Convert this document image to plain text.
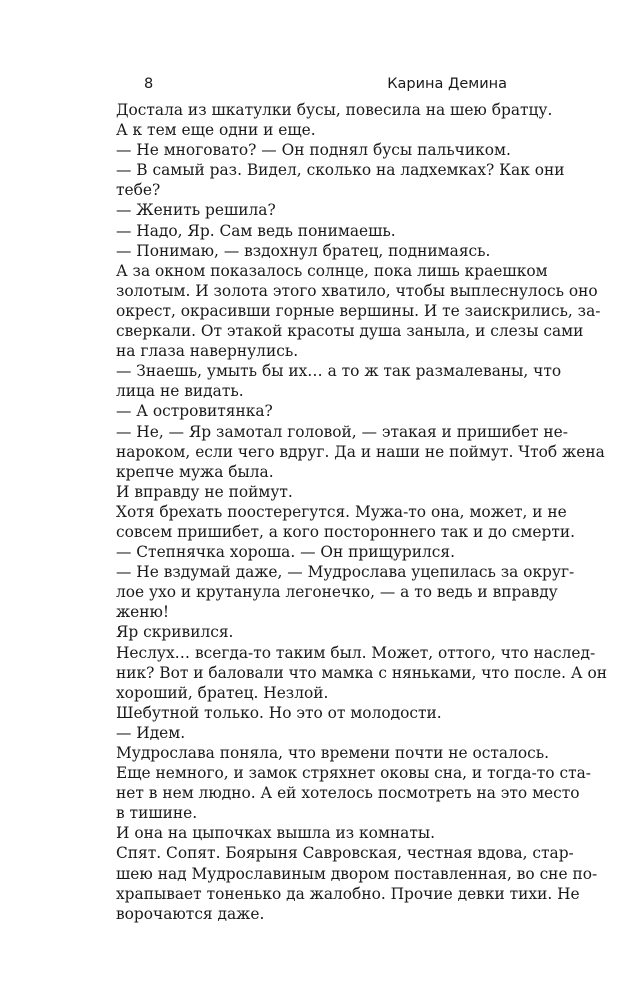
8	Карина Демина
Достала из шкатулки бусы, повесила на шею братцу.
А к тем еще одни и еще.
— Не многовато? — Он поднял бусы пальчиком.
— В самый раз. Видел, сколько на ладхемках? Как они
тебе?
— Женить решила?
— Надо, Яр. Сам ведь понимаешь.
— Понимаю, — вздохнул братец, поднимаясь.
А за окном показалось солнце, пока лишь краешком
золотым. И золота этого хватило, чтобы выплеснулось оно
окрест, окрасивши горные вершины. И те заискрились, за-
сверкали. От этакой красоты душа заныла, и слезы сами
на глаза навернулись.
— Знаешь, умыть бы их… а то ж так размалеваны, что
лица не видать.
— А островитянка?
— Не, — Яр замотал головой, — этакая и пришибет не-
нароком, если чего вдруг. Да и наши не поймут. Чтоб жена
крепче мужа была.
И вправду не поймут.
Хотя брехать поостерегутся. Мужа-то она, может, и не
совсем пришибет, а кого постороннего так и до смерти.
— Степнячка хороша. — Он прищурился.
— Не вздумай даже, — Мудрослава уцепилась за округ-
лое ухо и крутанула легонечко, — а то ведь и вправду
женю!
Яр скривился.
Неслух… всегда-то таким был. Может, оттого, что наслед-
ник? Вот и баловали что мамка с няньками, что после. А он
хороший, братец. Незлой.
Шебутной только. Но это от молодости.
— Идем.
Мудрослава поняла, что времени почти не осталось.
Еще немного, и замок стряхнет оковы сна, и тогда-то ста-
нет в нем людно. А ей хотелось посмотреть на это место
в тишине.
И она на цыпочках вышла из комнаты.
Спят. Сопят. Боярыня Савровская, честная вдова, стар-
шею над Мудрославиным двором поставленная, во сне по-
храпывает тоненько да жалобно. Прочие девки тихи. Не
ворочаются даже.
